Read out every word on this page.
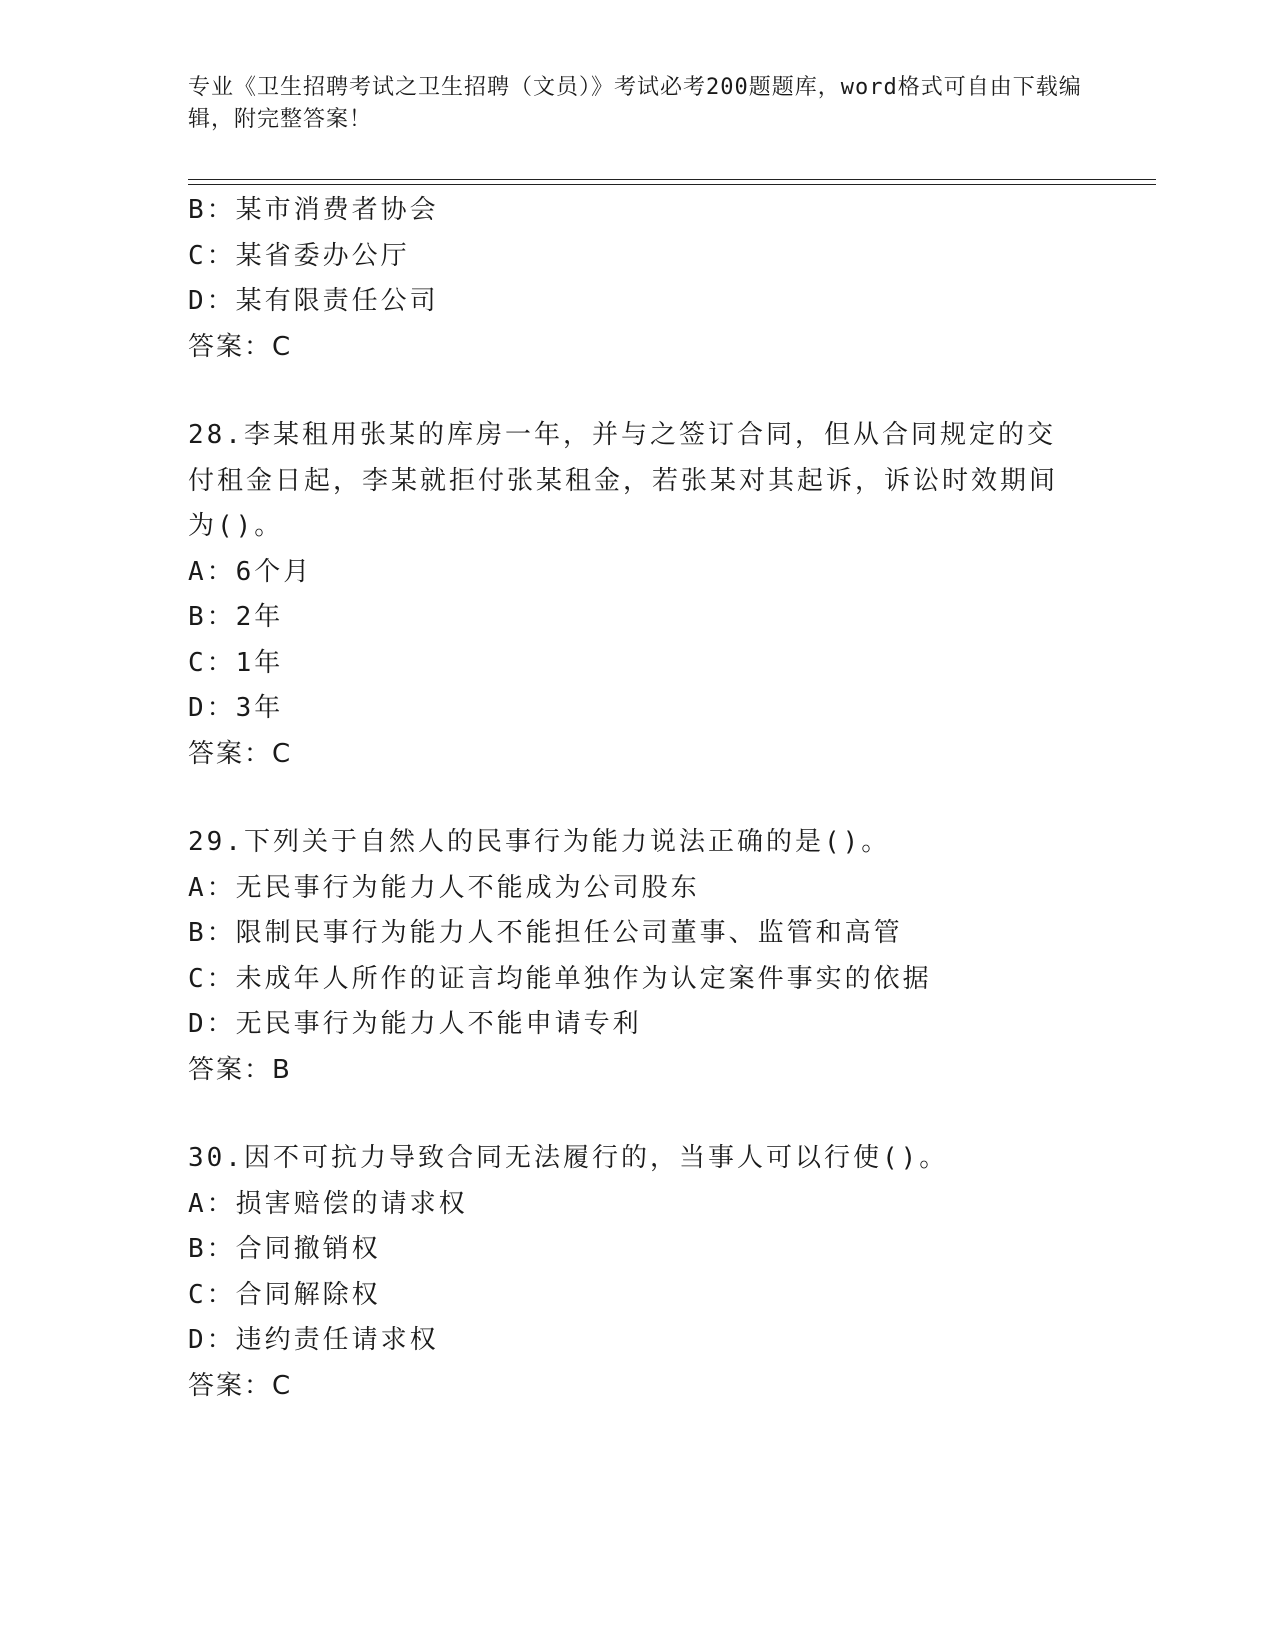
专业《卫生招聘考试之卫生招聘（文员）》考试必考200题题库，word格式可自由下载编辑，附完整答案！
B：某市消费者协会
C：某省委办公厅
D：某有限责任公司
答案：C
28.李某租用张某的库房一年，并与之签订合同，但从合同规定的交付租金日起，李某就拒付张某租金，若张某对其起诉，诉讼时效期间为()。
A：6个月
B：2年
C：1年
D：3年
答案：C
29.下列关于自然人的民事行为能力说法正确的是()。
A：无民事行为能力人不能成为公司股东
B：限制民事行为能力人不能担任公司董事、监管和高管
C：未成年人所作的证言均能单独作为认定案件事实的依据
D：无民事行为能力人不能申请专利
答案：B
30.因不可抗力导致合同无法履行的，当事人可以行使()。
A：损害赔偿的请求权
B：合同撤销权
C：合同解除权
D：违约责任请求权
答案：C
